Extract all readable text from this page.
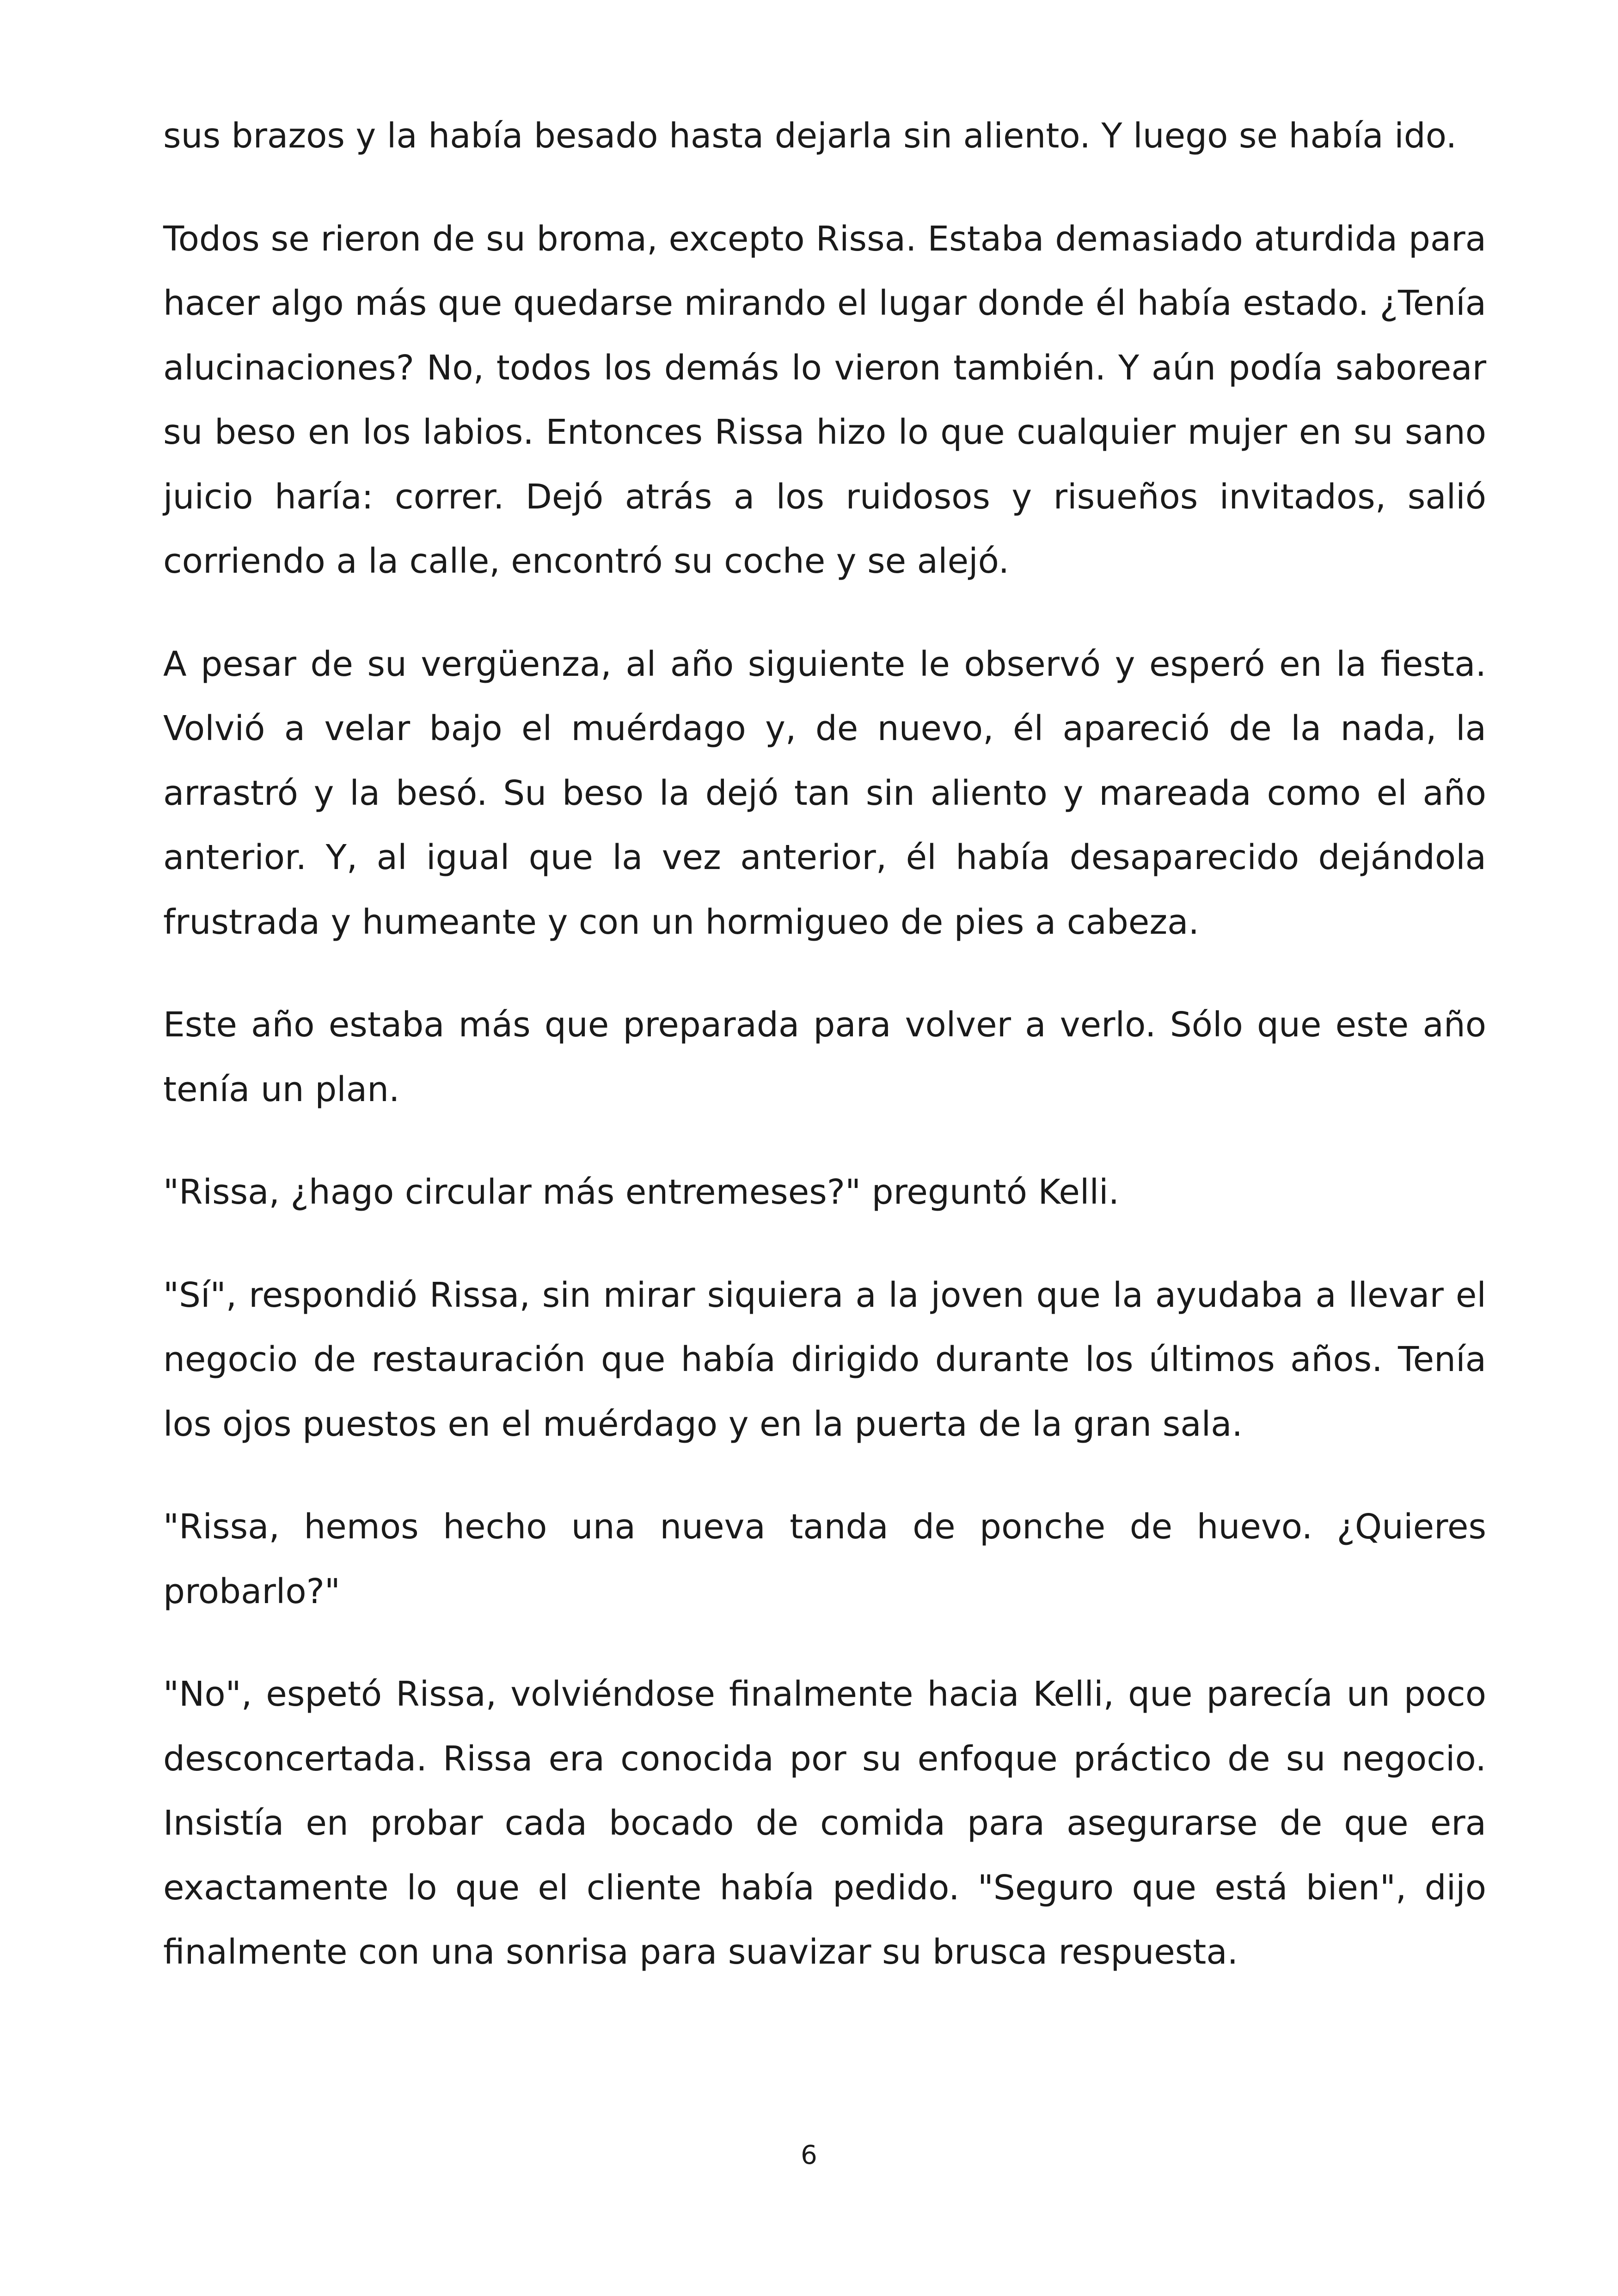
sus brazos y la había besado hasta dejarla sin aliento. Y luego se había ido.

Todos se rieron de su broma, excepto Rissa. Estaba demasiado aturdida para hacer algo más que quedarse mirando el lugar donde él había estado. ¿Tenía alucinaciones? No, todos los demás lo vieron también. Y aún podía saborear su beso en los labios. Entonces Rissa hizo lo que cualquier mujer en su sano juicio haría: correr. Dejó atrás a los ruidosos y risueños invitados, salió corriendo a la calle, encontró su coche y se alejó.

A pesar de su vergüenza, al año siguiente le observó y esperó en la fiesta. Volvió a velar bajo el muérdago y, de nuevo, él apareció de la nada, la arrastró y la besó. Su beso la dejó tan sin aliento y mareada como el año anterior. Y, al igual que la vez anterior, él había desaparecido dejándola frustrada y humeante y con un hormigueo de pies a cabeza.

Este año estaba más que preparada para volver a verlo. Sólo que este año tenía un plan.

"Rissa, ¿hago circular más entremeses?" preguntó Kelli.

"Sí", respondió Rissa, sin mirar siquiera a la joven que la ayudaba a llevar el negocio de restauración que había dirigido durante los últimos años. Tenía los ojos puestos en el muérdago y en la puerta de la gran sala.

"Rissa, hemos hecho una nueva tanda de ponche de huevo. ¿Quieres probarlo?"

"No", espetó Rissa, volviéndose finalmente hacia Kelli, que parecía un poco desconcertada. Rissa era conocida por su enfoque práctico de su negocio. Insistía en probar cada bocado de comida para asegurarse de que era exactamente lo que el cliente había pedido. "Seguro que está bien", dijo finalmente con una sonrisa para suavizar su brusca respuesta.

6
